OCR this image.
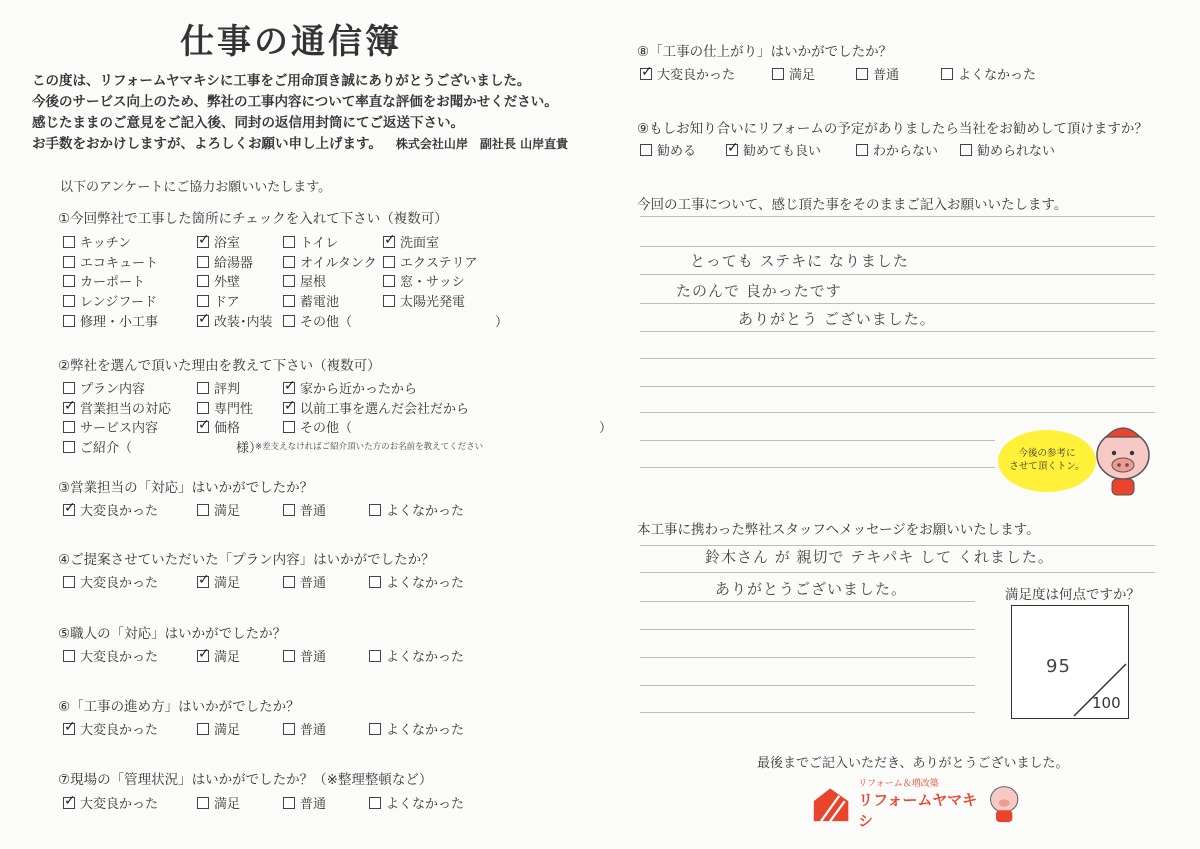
仕事の通信簿
この度は、リフォームヤマキシに工事をご用命頂き誠にありがとうございました。
今後のサービス向上のため、弊社の工事内容について率直な評価をお聞かせください。
感じたままのご意見をご記入後、同封の返信用封筒にてご返送下さい。
お手数をおかけしますが、よろしくお願い申し上げます。 株式会社山岸　副社長 山岸直貴
以下のアンケートにご協力お願いいたします。
①今回弊社で工事した箇所にチェックを入れて下さい（複数可）
②弊社を選んで頂いた理由を教えて下さい（複数可）
※差支えなければご紹介頂いた方のお名前を教えてください
③営業担当の「対応」はいかがでしたか？
④ご提案させていただいた「プラン内容」はいかがでしたか？
⑤職人の「対応」はいかがでしたか？
⑥「工事の進め方」はいかがでしたか？
⑦現場の「管理状況」はいかがでしたか？（※整理整頓など）
⑧「工事の仕上がり」はいかがでしたか？
⑨もしお知り合いにリフォームの予定がありましたら当社をお勧めして頂けますか？
今回の工事について、感じ頂た事をそのままご記入お願いいたします。
とっても ステキに なりました
たのんで 良かったです
ありがとう ございました。
今後の参考に
させて頂くトン。
本工事に携わった弊社スタッフへメッセージをお願いいたします。
鈴木さん が 親切で テキパキ して くれました。
ありがとうございました。	満足度は何点ですか？
95
100
最後までご記入いただき、ありがとうございました。
リフォーム＆増改築
リフォームヤマキシ
キッチン ✓	浴室	トイレ ✓	洗面室
エコキュート	給湯器	オイルタンク エクステリア
カーポート	外壁	屋根	窓・サッシ
レンジフード	ドア	蓄電池	太陽光発電
修理・小工事 ✓	改装･内装 その他（　　　　　　　　　　　）
プラン内容	評判 ✓	家から近かったから
✓
営業担当の対応	専門性 ✓	以前工事を選んだ会社だから
サービス内容 ✓	価格	その他（　　　　　　　　　　　　　　　　　　　）
ご紹介（　　　　　　　　様）
✓
大変良かった	満足	普通	よくなかった
大変良かった ✓	満足	普通	よくなかった
大変良かった ✓	満足	普通	よくなかった
✓
大変良かった	満足	普通	よくなかった
✓
大変良かった	満足	普通	よくなかった
✓
大変良かった	満足	普通	よくなかった
勧める ✓	勧めても良い	わからない	勧められない
